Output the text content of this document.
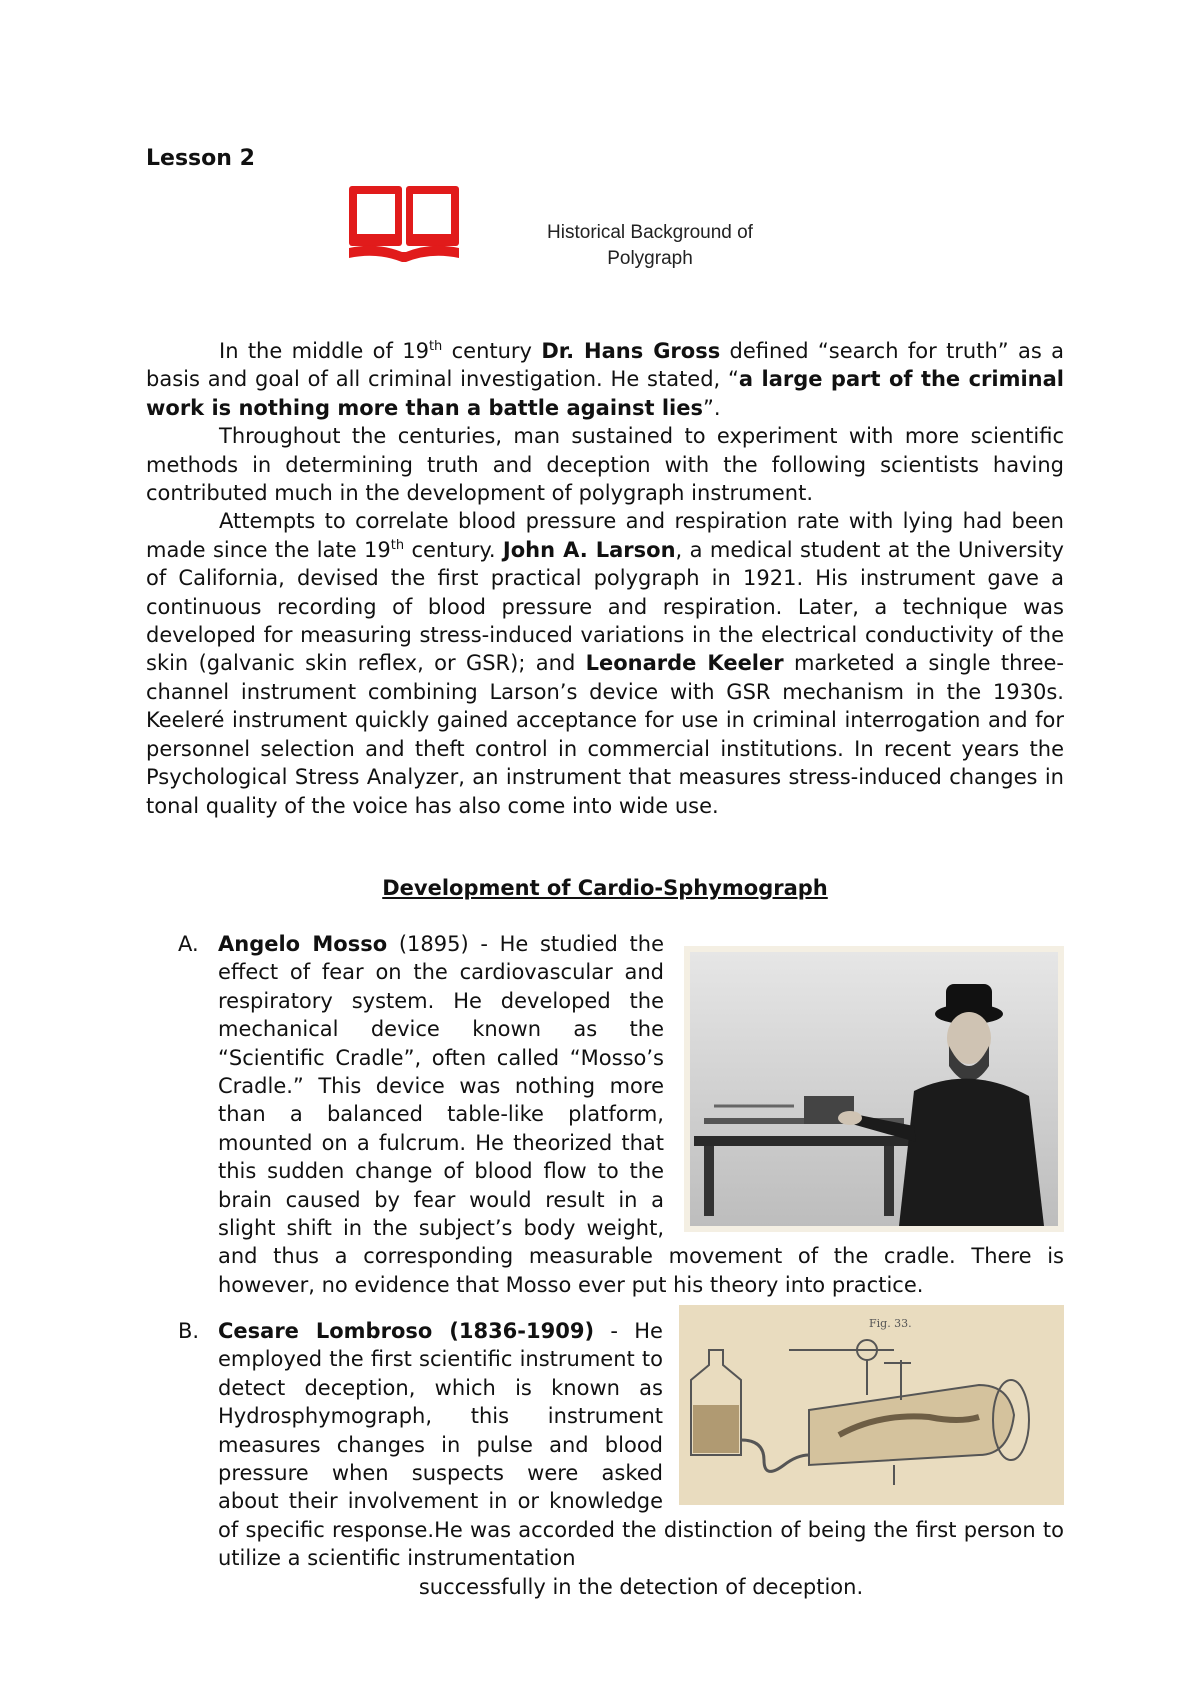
Lesson 2
Historical Background of
Polygraph

In the middle of 19th century Dr. Hans Gross defined “search for truth” as a basis and goal of all criminal investigation. He stated, “a large part of the criminal work is nothing more than a battle against lies”.

Throughout the centuries, man sustained to experiment with more scientific methods in determining truth and deception with the following scientists having contributed much in the development of polygraph instrument.

Attempts to correlate blood pressure and respiration rate with lying had been made since the late 19th century. John A. Larson, a medical student at the University of California, devised the first practical polygraph in 1921. His instrument gave a continuous recording of blood pressure and respiration. Later, a technique was developed for measuring stress-induced variations in the electrical conductivity of the skin (galvanic skin reflex, or GSR); and Leonarde Keeler marketed a single three-channel instrument combining Larson’s device with GSR mechanism in the 1930s. Keeleré instrument quickly gained acceptance for use in criminal interrogation and for personnel selection and theft control in commercial institutions. In recent years the Psychological Stress Analyzer, an instrument that measures stress-induced changes in tonal quality of the voice has also come into wide use.

Development of Cardio-Sphymograph
A. Angelo Mosso (1895) - He studied the effect of fear on the cardiovascular and respiratory system. He developed the mechanical device known as the “Scientific Cradle”, often called “Mosso’s Cradle.” This device was nothing more than a balanced table-like platform, mounted on a fulcrum. He theorized that this sudden change of blood flow to the brain caused by fear would result in a slight shift in the subject’s body weight, and thus a corresponding measurable movement of the cradle. There is however, no evidence that Mosso ever put his theory into practice.
B.	Fig. 33.
Cesare Lombroso (1836-1909) - He employed the first scientific instrument to detect deception, which is known as Hydrosphymograph, this instrument measures changes in pulse and blood pressure when suspects were asked about their involvement in or knowledge of specific response.He was accorded the distinction of being the first person to utilize a scientific instrumentation
successfully in the detection of deception.
